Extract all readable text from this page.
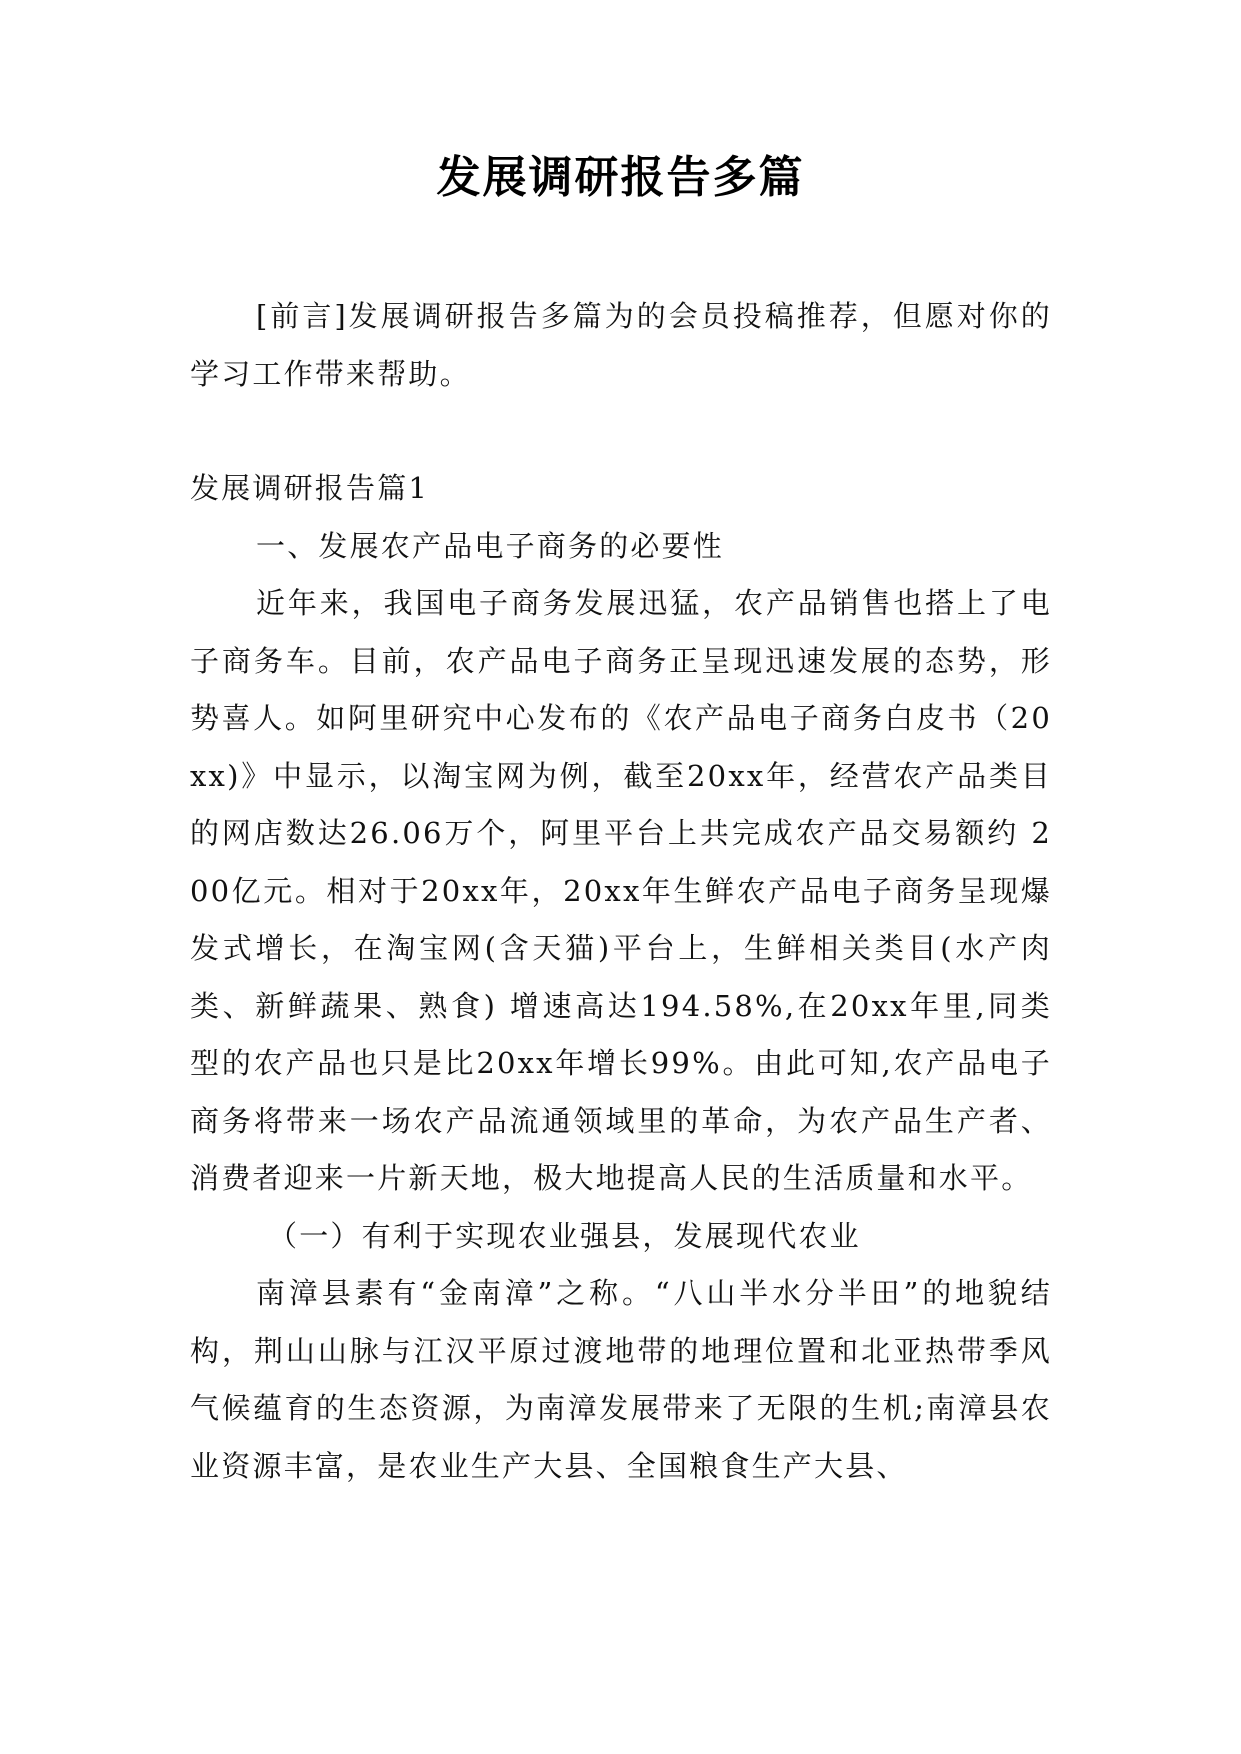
发展调研报告多篇

[前言]发展调研报告多篇为的会员投稿推荐，但愿对你的学习工作带来帮助。

发展调研报告篇1

一、发展农产品电子商务的必要性

近年来，我国电子商务发展迅猛，农产品销售也搭上了电子商务车。目前，农产品电子商务正呈现迅速发展的态势，形势喜人。如阿里研究中心发布的《农产品电子商务白皮书（20xx)》中显示，以淘宝网为例，截至20xx年，经营农产品类目的网店数达26.06万个，阿里平台上共完成农产品交易额约 200亿元。相对于20xx年，20xx年生鲜农产品电子商务呈现爆发式增长，在淘宝网(含天猫)平台上，生鲜相关类目(水产肉类、新鲜蔬果、熟食) 增速高达194.58%,在20xx年里,同类型的农产品也只是比20xx年增长99%。由此可知,农产品电子商务将带来一场农产品流通领域里的革命，为农产品生产者、消费者迎来一片新天地，极大地提高人民的生活质量和水平。

（一）有利于实现农业强县，发展现代农业

南漳县素有“金南漳”之称。“八山半水分半田”的地貌结构，荆山山脉与江汉平原过渡地带的地理位置和北亚热带季风气候蕴育的生态资源，为南漳发展带来了无限的生机;南漳县农业资源丰富，是农业生产大县、全国粮食生产大县、
